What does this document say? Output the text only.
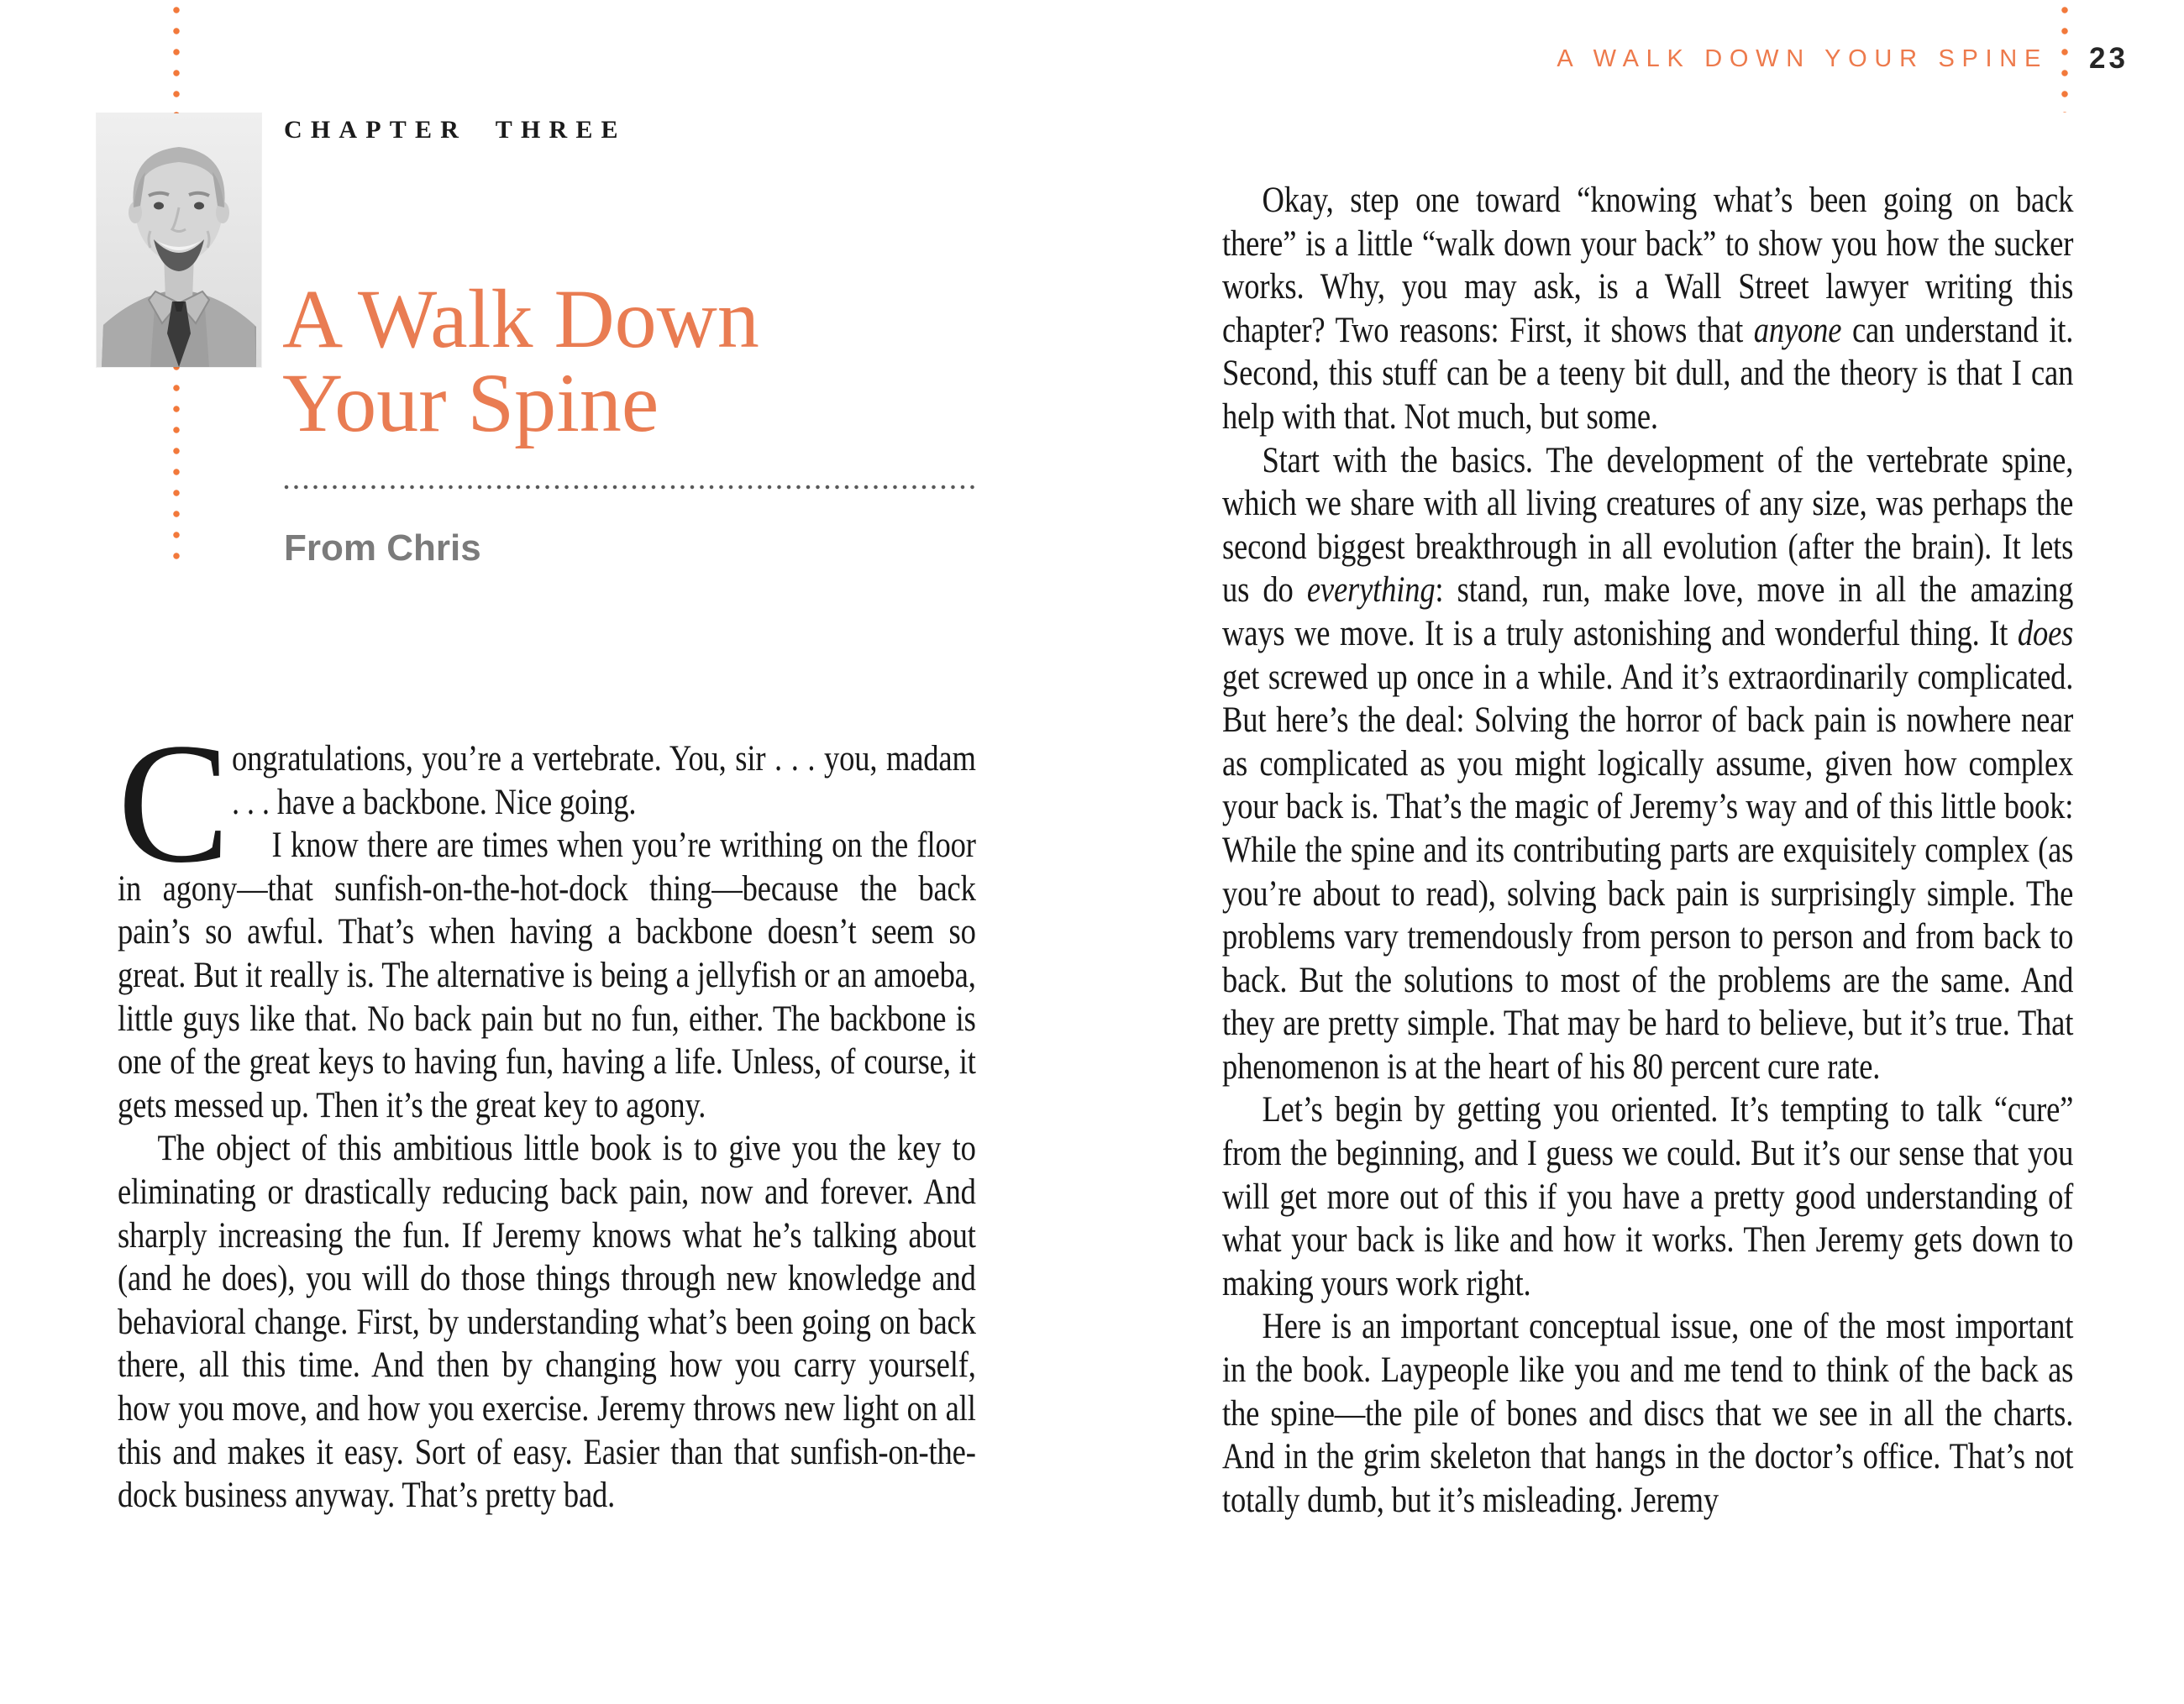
CHAPTER THREE
A Walk Down
Your Spine
From Chris

Congratulations, you’re a vertebrate. You, sir . . . you, madam . . . have a backbone. Nice going.

I know there are times when you’re writhing on the floor in agony—that sunfish-on-the-hot-dock thing—because the back pain’s so awful. That’s when having a backbone doesn’t seem so great. But it really is. The alternative is being a jellyfish or an amoeba, little guys like that. No back pain but no fun, either. The backbone is one of the great keys to having fun, having a life. Unless, of course, it gets messed up. Then it’s the great key to agony.

The object of this ambitious little book is to give you the key to eliminating or drastically reducing back pain, now and forever. And sharply increasing the fun. If Jeremy knows what he’s talking about (and he does), you will do those things through new knowledge and behavioral change. First, by understanding what’s been going on back there, all this time. And then by changing how you carry yourself, how you move, and how you exercise. Jeremy throws new light on all this and makes it easy. Sort of easy. Easier than that sunfish-on-the-dock business anyway. That’s pretty bad.

A WALK DOWN YOUR SPINE 23

Okay, step one toward “knowing what’s been going on back there” is a little “walk down your back” to show you how the sucker works. Why, you may ask, is a Wall Street lawyer writing this chapter? Two reasons: First, it shows that anyone can understand it. Second, this stuff can be a teeny bit dull, and the theory is that I can help with that. Not much, but some.

Start with the basics. The development of the vertebrate spine, which we share with all living creatures of any size, was perhaps the second biggest breakthrough in all evolution (after the brain). It lets us do everything: stand, run, make love, move in all the amazing ways we move. It is a truly astonishing and wonderful thing. It does get screwed up once in a while. And it’s extraordinarily complicated. But here’s the deal: Solving the horror of back pain is nowhere near as complicated as you might logically assume, given how complex your back is. That’s the magic of Jeremy’s way and of this little book: While the spine and its contributing parts are exquisitely complex (as you’re about to read), solving back pain is surprisingly simple. The problems vary tremendously from person to person and from back to back. But the solutions to most of the problems are the same. And they are pretty simple. That may be hard to believe, but it’s true. That phenomenon is at the heart of his 80 percent cure rate.

Let’s begin by getting you oriented. It’s tempting to talk “cure” from the beginning, and I guess we could. But it’s our sense that you will get more out of this if you have a pretty good understanding of what your back is like and how it works. Then Jeremy gets down to making yours work right.

Here is an important conceptual issue, one of the most important in the book. Laypeople like you and me tend to think of the back as the spine—the pile of bones and discs that we see in all the charts. And in the grim skeleton that hangs in the doctor’s office. That’s not totally dumb, but it’s misleading. Jeremy
